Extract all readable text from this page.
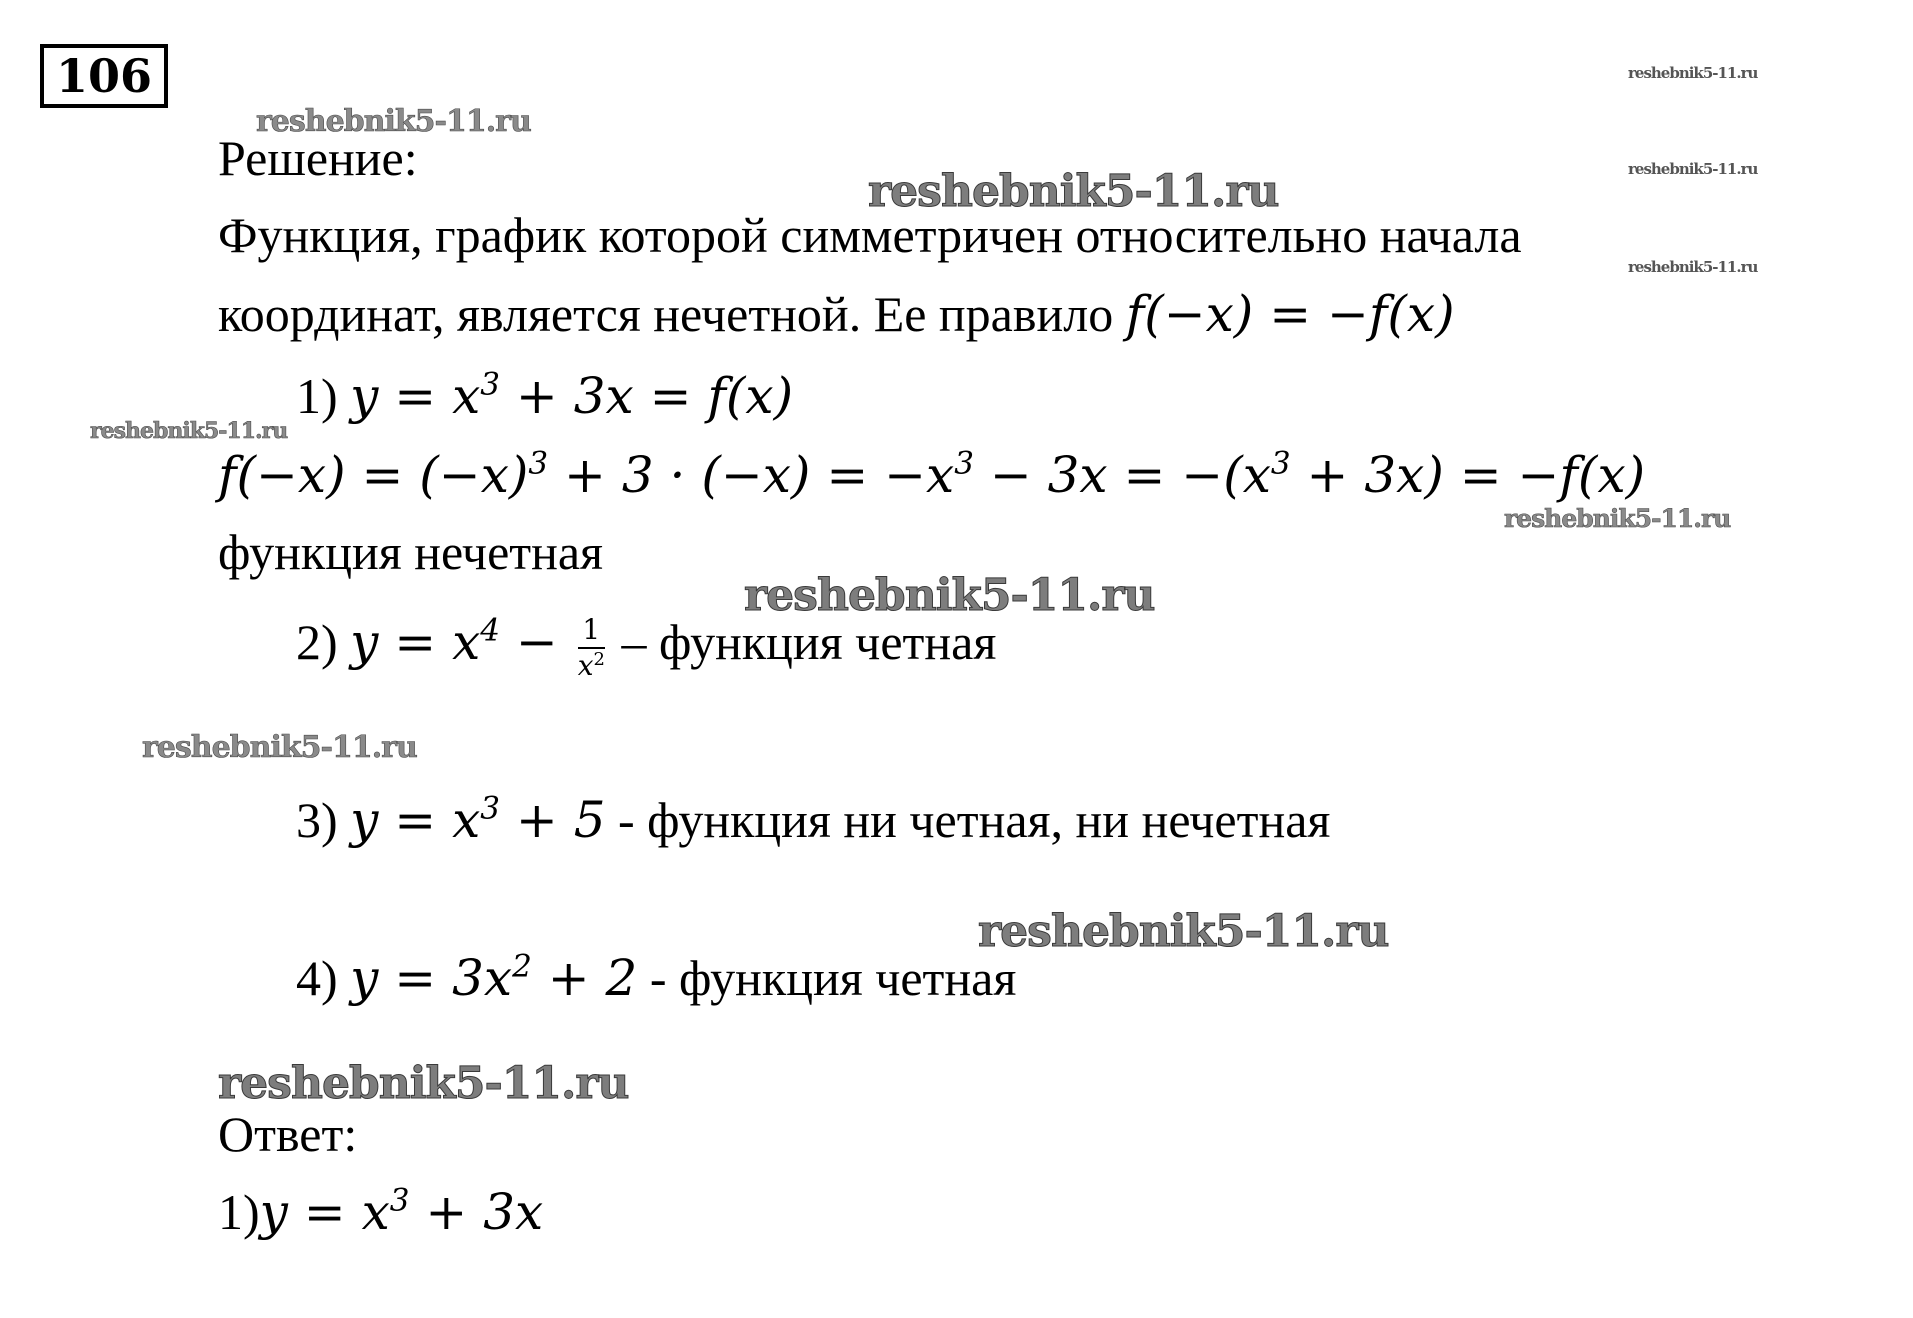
106	reshebnik5-11.ru
reshebnik5-11.ru
reshebnik5-11.ru
reshebnik5-11.ru
reshebnik5-11.ru
reshebnik5-11.ru
reshebnik5-11.ru
reshebnik5-11.ru
reshebnik5-11.ru
reshebnik5-11.ru
reshebnik5-11.ru
Решение:
Функция, график которой симметричен относительно начала
координат, является нечетной. Ее правило f(−x) = −f(x)
1) $y = x^3 + 3x = f(x)$
$f(-x) = (-x)^3 + 3 \cdot (-x) = -x^3 - 3x = -(x^3 + 3x) = -f(x)$
функция нечетная
2) $y = x^4 - \frac{1}{x^2}$ – функция четная
3) $y = x^3 + 5$ - функция ни четная, ни нечетная
4) $y = 3x^2 + 2$ - функция четная
Ответ:
$1)y = x^3 + 3x$
